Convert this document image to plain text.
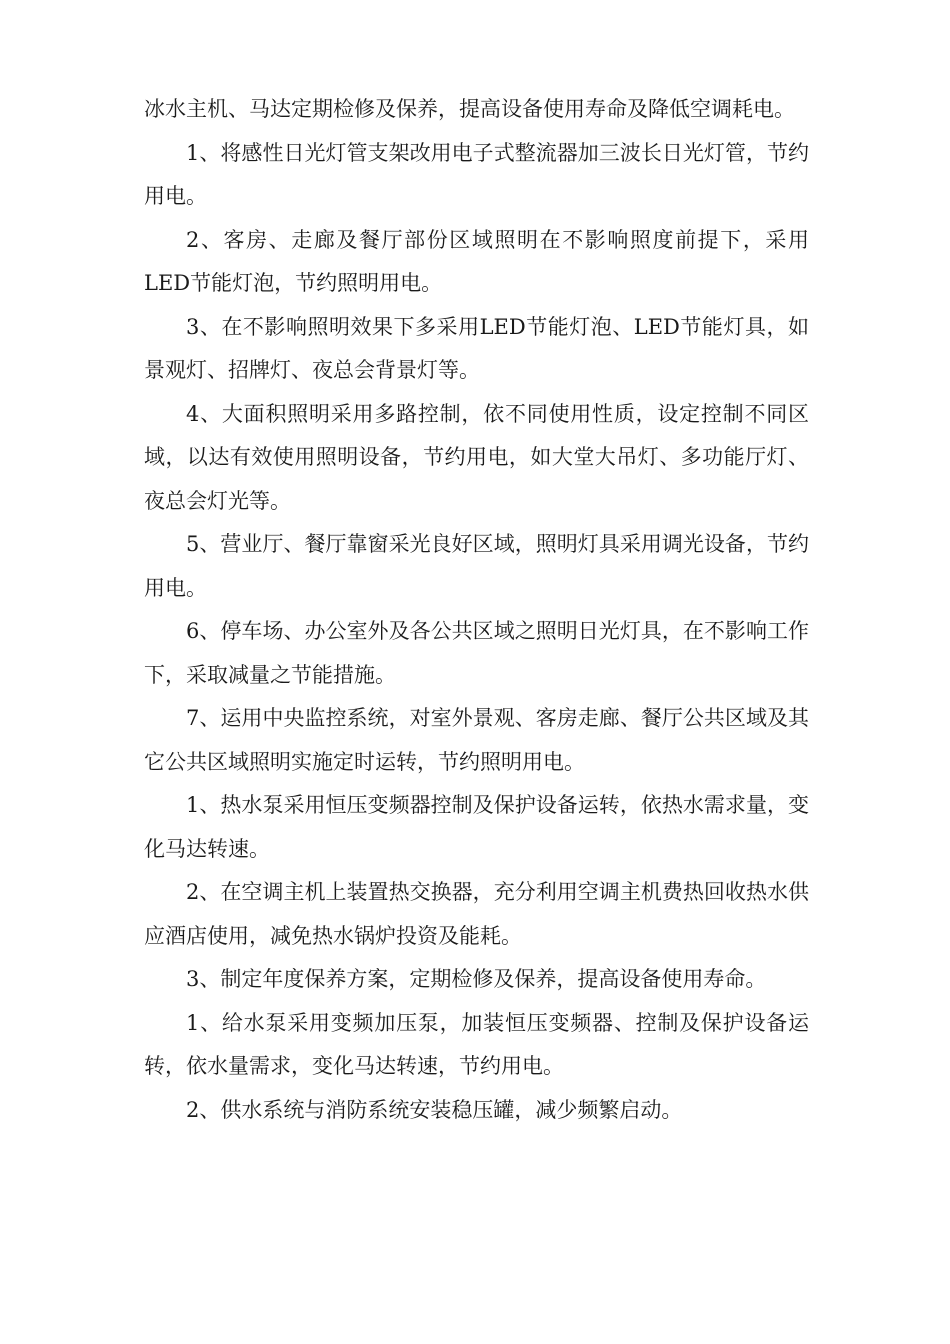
冰水主机、马达定期检修及保养，提高设备使用寿命及降低空调耗电。

1、将感性日光灯管支架改用电子式整流器加三波长日光灯管，节约用电。

2、客房、走廊及餐厅部份区域照明在不影响照度前提下，采用LED节能灯泡，节约照明用电。

3、在不影响照明效果下多采用LED节能灯泡、LED节能灯具，如景观灯、招牌灯、夜总会背景灯等。

4、大面积照明采用多路控制，依不同使用性质，设定控制不同区域，以达有效使用照明设备，节约用电，如大堂大吊灯、多功能厅灯、夜总会灯光等。

5、营业厅、餐厅靠窗采光良好区域，照明灯具采用调光设备，节约用电。

6、停车场、办公室外及各公共区域之照明日光灯具，在不影响工作下，采取减量之节能措施。

7、运用中央监控系统，对室外景观、客房走廊、餐厅公共区域及其它公共区域照明实施定时运转，节约照明用电。

1、热水泵采用恒压变频器控制及保护设备运转，依热水需求量，变化马达转速。

2、在空调主机上装置热交换器，充分利用空调主机费热回收热水供应酒店使用，减免热水锅炉投资及能耗。

3、制定年度保养方案，定期检修及保养，提高设备使用寿命。

1、给水泵采用变频加压泵，加装恒压变频器、控制及保护设备运转，依水量需求，变化马达转速，节约用电。

2、供水系统与消防系统安装稳压罐，减少频繁启动。
